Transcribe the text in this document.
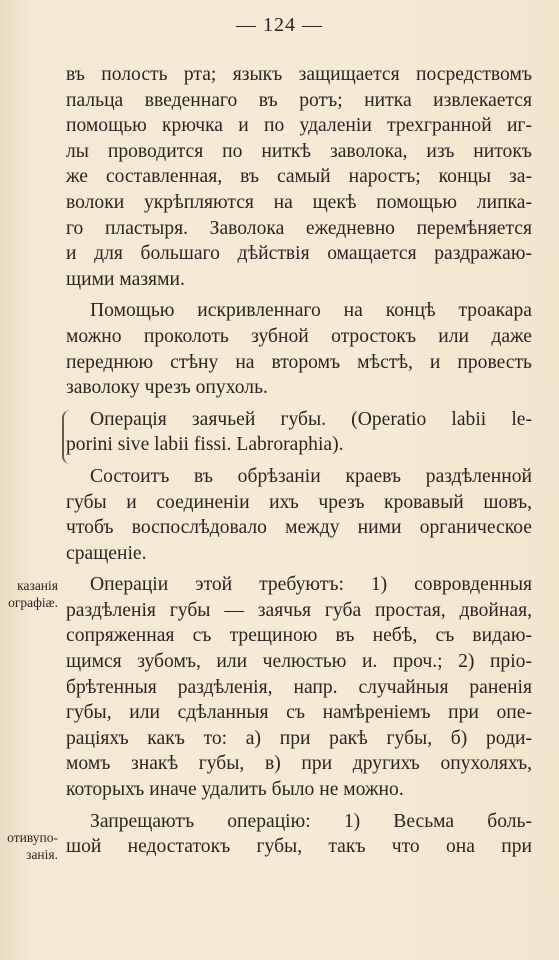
— 124 —
казанія
ографіæ.
отивупо-
занія.
въ полость рта; языкъ защищается посредствомъ
пальца введеннаго въ ротъ; нитка извлекается
помощью крючка и по удаленіи трехгранной иг-
лы проводится по ниткѣ заволока, изъ нитокъ
же составленная, въ самый наростъ; концы за-
волоки укрѣпляются на щекѣ помощью липка-
го пластыря. Заволока ежедневно перемѣняется
и для большаго дѣйствія омащается раздражаю-
щими мазями.
Помощью искривленнаго на концѣ троакара
можно проколоть зубной отростокъ или даже
переднюю стѣну на второмъ мѣстѣ, и провесть
заволоку чрезъ опухоль.
Операція заячьей губы. (Operatio labii le-
porini sive labii fissi. Labroraphia).
Состоитъ въ обрѣзаніи краевъ раздѣленной
губы и соединеніи ихъ чрезъ кровавый шовъ,
чтобъ воспослѣдовало между ними органическое
сращеніе.
Операціи этой требуютъ: 1) совровденныя
раздѣленія губы — заячья губа простая, двойная,
сопряженная съ трещиною въ небѣ, съ видаю-
щимся зубомъ, или челюстью и. проч.; 2) пріо-
брѣтенныя раздѣленія, напр. случайныя раненія
губы, или сдѣланныя съ намѣреніемъ при опе-
раціяхъ какъ то: а) при ракѣ губы, б) роди-
момъ знакѣ губы, в) при другихъ опухоляхъ,
которыхъ иначе удалить было не можно.
Запрещаютъ операцію: 1) Весьма боль-
шой недостатокъ губы, такъ что она при
